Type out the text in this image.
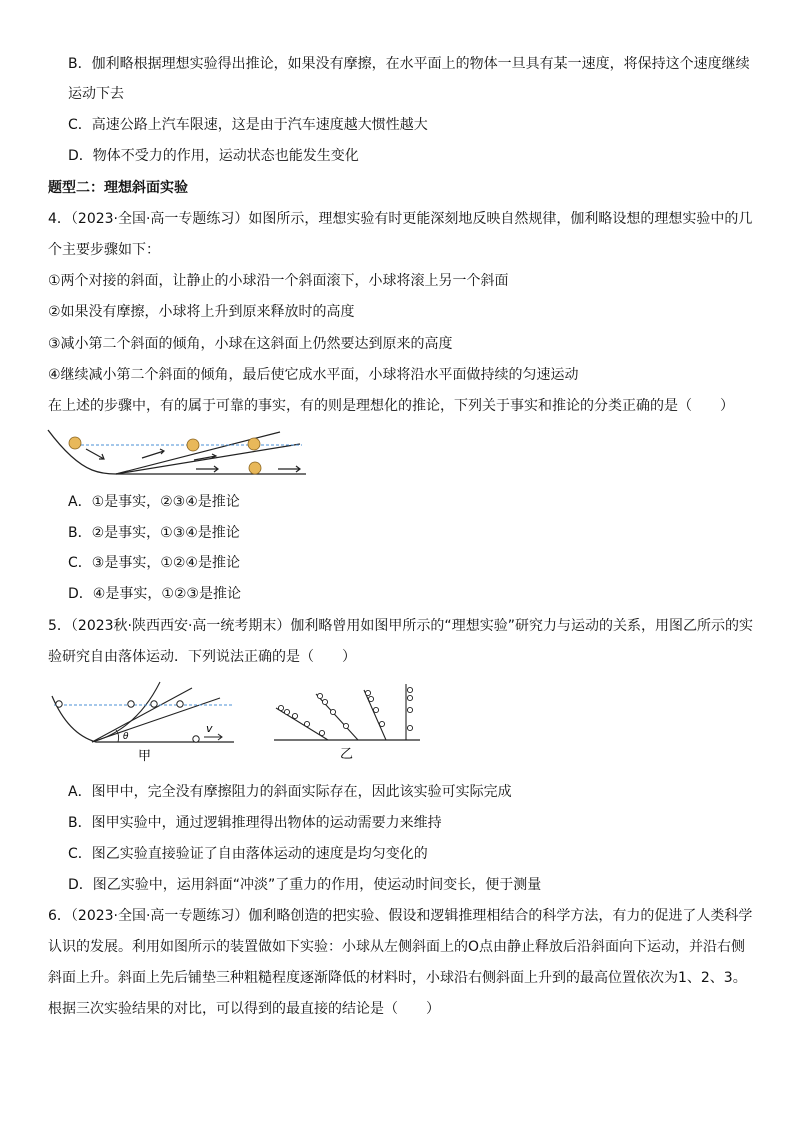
B．伽利略根据理想实验得出推论，如果没有摩擦，在水平面上的物体一旦具有某一速度，将保持这个速度继续
运动下去
C．高速公路上汽车限速，这是由于汽车速度越大惯性越大
D．物体不受力的作用，运动状态也能发生变化
题型二：理想斜面实验
4．（2023·全国·高一专题练习）如图所示，理想实验有时更能深刻地反映自然规律，伽利略设想的理想实验中的几
个主要步骤如下：
①两个对接的斜面，让静止的小球沿一个斜面滚下，小球将滚上另一个斜面
②如果没有摩擦，小球将上升到原来释放时的高度
③减小第二个斜面的倾角，小球在这斜面上仍然要达到原来的高度
④继续减小第二个斜面的倾角，最后使它成水平面，小球将沿水平面做持续的匀速运动
在上述的步骤中，有的属于可靠的事实，有的则是理想化的推论，下列关于事实和推论的分类正确的是（　　）
A．①是事实，②③④是推论
B．②是事实，①③④是推论
C．③是事实，①②④是推论
D．④是事实，①②③是推论
5．（2023秋·陕西西安·高一统考期末）伽利略曾用如图甲所示的“理想实验”研究力与运动的关系，用图乙所示的实
验研究自由落体运动．下列说法正确的是（　　）
θ
v
甲	乙
A．图甲中，完全没有摩擦阻力的斜面实际存在，因此该实验可实际完成
B．图甲实验中，通过逻辑推理得出物体的运动需要力来维持
C．图乙实验直接验证了自由落体运动的速度是均匀变化的
D．图乙实验中，运用斜面“冲淡”了重力的作用，使运动时间变长，便于测量
6．（2023·全国·高一专题练习）伽利略创造的把实验、假设和逻辑推理相结合的科学方法，有力的促进了人类科学
认识的发展。利用如图所示的装置做如下实验：小球从左侧斜面上的O点由静止释放后沿斜面向下运动，并沿右侧
斜面上升。斜面上先后铺垫三种粗糙程度逐渐降低的材料时，小球沿右侧斜面上升到的最高位置依次为1、2、3。
根据三次实验结果的对比，可以得到的最直接的结论是（　　）
